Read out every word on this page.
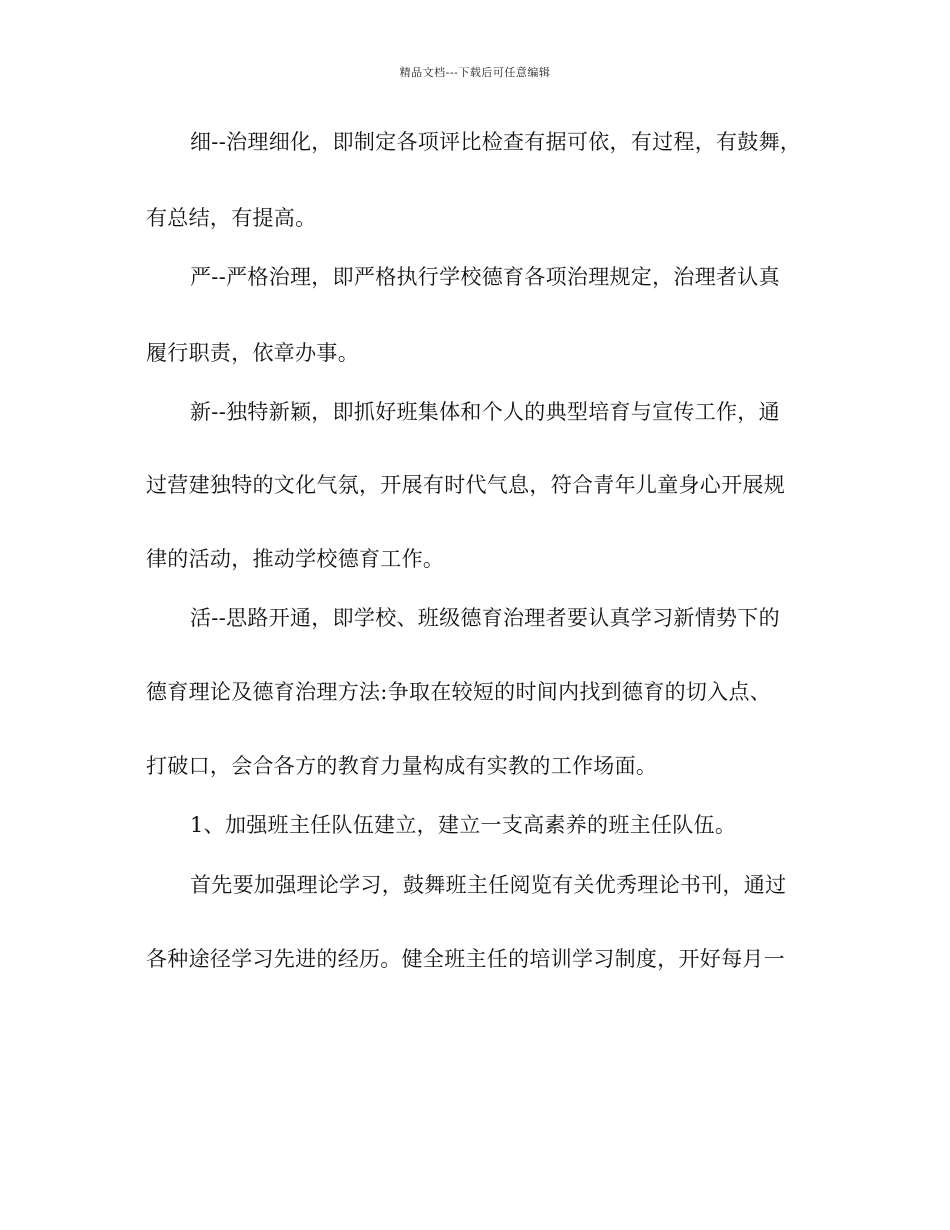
精品文档---下载后可任意编辑
细--治理细化，即制定各项评比检查有据可依，有过程，有鼓舞，
有总结，有提高。
严--严格治理，即严格执行学校德育各项治理规定，治理者认真
履行职责，依章办事。
新--独特新颖，即抓好班集体和个人的典型培育与宣传工作，通
过营建独特的文化气氛，开展有时代气息，符合青年儿童身心开展规
律的活动，推动学校德育工作。
活--思路开通，即学校、班级德育治理者要认真学习新情势下的
德育理论及德育治理方法:争取在较短的时间内找到德育的切入点、
打破口，会合各方的教育力量构成有实教的工作场面。
1、加强班主任队伍建立，建立一支高素养的班主任队伍。
首先要加强理论学习，鼓舞班主任阅览有关优秀理论书刊，通过
各种途径学习先进的经历。健全班主任的培训学习制度，开好每月一
